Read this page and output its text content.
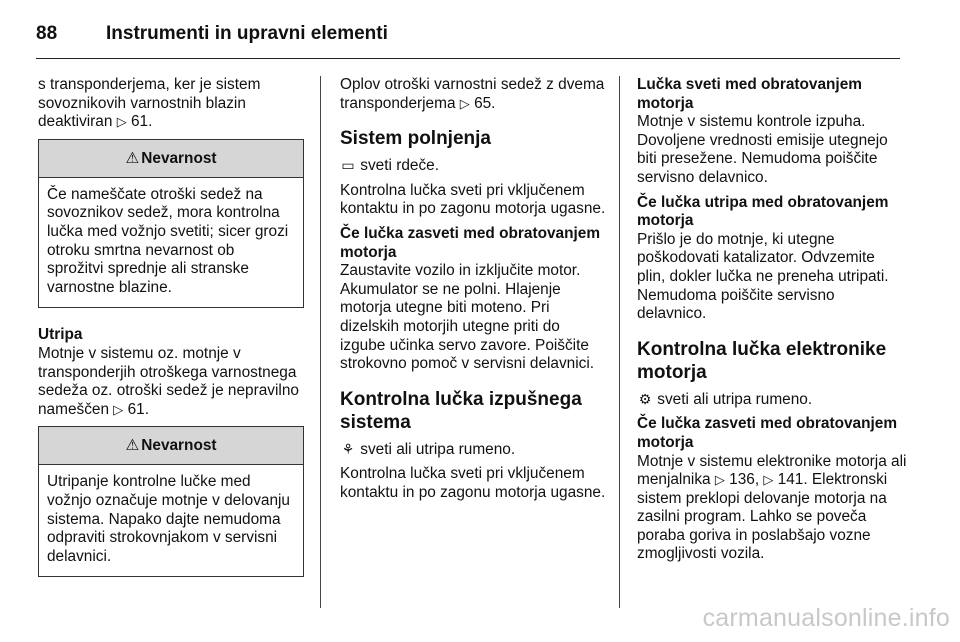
88	Instrumenti in upravni elementi

s transponderjema, ker je sistem sovoznikovih varnostnih blazin deaktiviran ▷ 61.

⚠ Nevarnost
Če nameščate otroški sedež na sovoznikov sedež, mora kontrolna lučka med vožnjo svetiti; sicer grozi otroku smrtna nevarnost ob sprožitvi sprednje ali stranske varnostne blazine.
Utripa

Motnje v sistemu oz. motnje v transponderjih otroškega varnostnega sedeža oz. otroški sedež je nepravilno nameščen ▷ 61.

⚠ Nevarnost
Utripanje kontrolne lučke med vožnjo označuje motnje v delovanju sistema. Napako dajte nemudoma odpraviti strokovnjakom v servisni delavnici.

Oplov otroški varnostni sedež z dvema transponderjema ▷ 65.

Sistem polnjenja

▭ sveti rdeče.

Kontrolna lučka sveti pri vključenem kontaktu in po zagonu motorja ugasne.

Če lučka zasveti med obratovanjem motorja

Zaustavite vozilo in izključite motor. Akumulator se ne polni. Hlajenje motorja utegne biti moteno. Pri dizelskih motorjih utegne priti do izgube učinka servo zavore. Poiščite strokovno pomoč v servisni delavnici.

Kontrolna lučka izpušnega sistema

⚘ sveti ali utripa rumeno.

Kontrolna lučka sveti pri vključenem kontaktu in po zagonu motorja ugasne.

Lučka sveti med obratovanjem motorja

Motnje v sistemu kontrole izpuha. Dovoljene vrednosti emisije utegnejo biti presežene. Nemudoma poiščite servisno delavnico.

Če lučka utripa med obratovanjem motorja

Prišlo je do motnje, ki utegne poškodovati katalizator. Odvzemite plin, dokler lučka ne preneha utripati. Nemudoma poiščite servisno delavnico.

Kontrolna lučka elektronike motorja

⚙ sveti ali utripa rumeno.

Če lučka zasveti med obratovanjem motorja

Motnje v sistemu elektronike motorja ali menjalnika ▷ 136, ▷ 141. Elektronski sistem preklopi delovanje motorja na zasilni program. Lahko se poveča poraba goriva in poslabšajo vozne zmogljivosti vozila.

carmanualsonline.info
